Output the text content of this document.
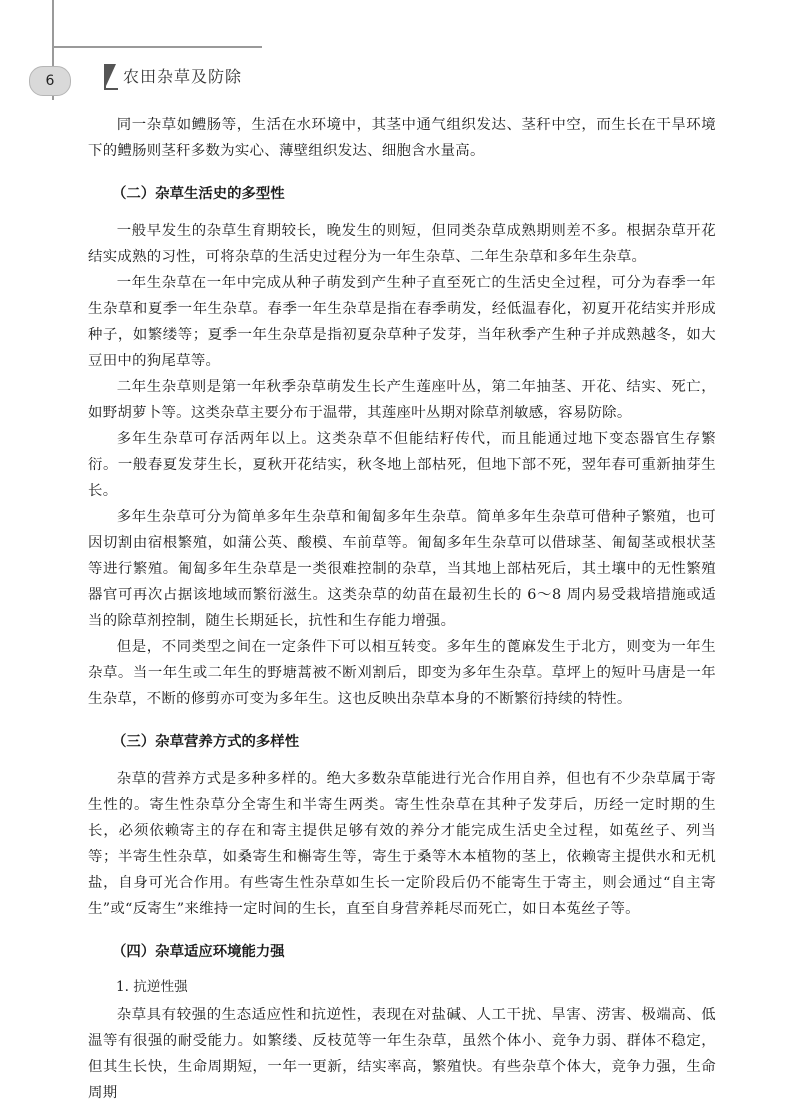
6	农田杂草及防除

同一杂草如鳢肠等，生活在水环境中，其茎中通气组织发达、茎秆中空，而生长在干旱环境下的鳢肠则茎秆多数为实心、薄壁组织发达、细胞含水量高。

（二）杂草生活史的多型性

一般早发生的杂草生育期较长，晚发生的则短，但同类杂草成熟期则差不多。根据杂草开花结实成熟的习性，可将杂草的生活史过程分为一年生杂草、二年生杂草和多年生杂草。

一年生杂草在一年中完成从种子萌发到产生种子直至死亡的生活史全过程，可分为春季一年生杂草和夏季一年生杂草。春季一年生杂草是指在春季萌发，经低温春化，初夏开花结实并形成种子，如繁缕等；夏季一年生杂草是指初夏杂草种子发芽，当年秋季产生种子并成熟越冬，如大豆田中的狗尾草等。

二年生杂草则是第一年秋季杂草萌发生长产生莲座叶丛，第二年抽茎、开花、结实、死亡，如野胡萝卜等。这类杂草主要分布于温带，其莲座叶丛期对除草剂敏感，容易防除。

多年生杂草可存活两年以上。这类杂草不但能结籽传代，而且能通过地下变态器官生存繁衍。一般春夏发芽生长，夏秋开花结实，秋冬地上部枯死，但地下部不死，翌年春可重新抽芽生长。

多年生杂草可分为简单多年生杂草和匍匐多年生杂草。简单多年生杂草可借种子繁殖，也可因切割由宿根繁殖，如蒲公英、酸模、车前草等。匍匐多年生杂草可以借球茎、匍匐茎或根状茎等进行繁殖。匍匐多年生杂草是一类很难控制的杂草，当其地上部枯死后，其土壤中的无性繁殖器官可再次占据该地域而繁衍滋生。这类杂草的幼苗在最初生长的 6～8 周内易受栽培措施或适当的除草剂控制，随生长期延长，抗性和生存能力增强。

但是，不同类型之间在一定条件下可以相互转变。多年生的蓖麻发生于北方，则变为一年生杂草。当一年生或二年生的野塘蒿被不断刈割后，即变为多年生杂草。草坪上的短叶马唐是一年生杂草，不断的修剪亦可变为多年生。这也反映出杂草本身的不断繁衍持续的特性。

（三）杂草营养方式的多样性

杂草的营养方式是多种多样的。绝大多数杂草能进行光合作用自养，但也有不少杂草属于寄生性的。寄生性杂草分全寄生和半寄生两类。寄生性杂草在其种子发芽后，历经一定时期的生长，必须依赖寄主的存在和寄主提供足够有效的养分才能完成生活史全过程，如菟丝子、列当等；半寄生性杂草，如桑寄生和槲寄生等，寄生于桑等木本植物的茎上，依赖寄主提供水和无机盐，自身可光合作用。有些寄生性杂草如生长一定阶段后仍不能寄生于寄主，则会通过“自主寄生”或“反寄生”来维持一定时间的生长，直至自身营养耗尽而死亡，如日本菟丝子等。

（四）杂草适应环境能力强
1. 抗逆性强

杂草具有较强的生态适应性和抗逆性，表现在对盐碱、人工干扰、旱害、涝害、极端高、低温等有很强的耐受能力。如繁缕、反枝苋等一年生杂草，虽然个体小、竞争力弱、群体不稳定，但其生长快，生命周期短，一年一更新，结实率高，繁殖快。有些杂草个体大，竞争力强，生命周期
